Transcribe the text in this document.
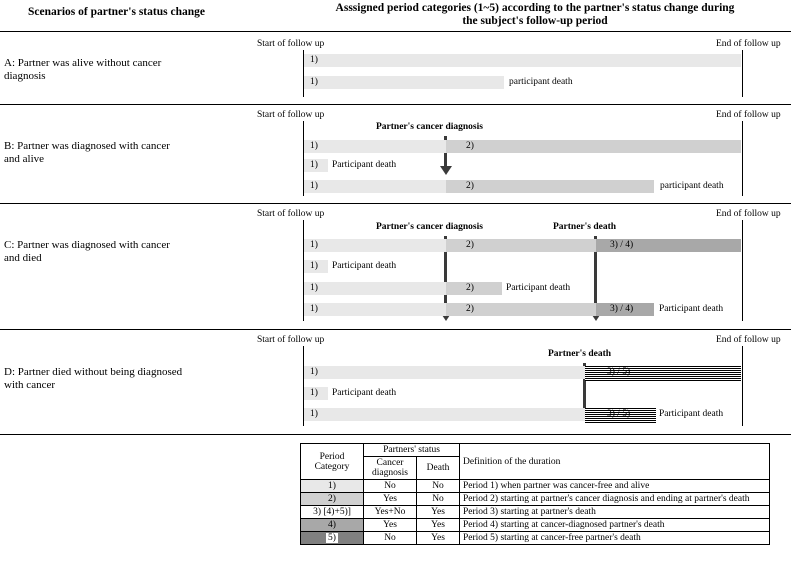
Scenarios of partner's status change	Asssigned period categories (1~5) according to the partner's status change during
the subject's follow-up period
A: Partner was alive without cancer
diagnosis
Start of follow up	End of follow up
1)
1)	participant death
B: Partner was diagnosed with cancer
and alive
Start of follow up	End of follow up
Partner's cancer diagnosis
1)	2)
1) Participant death
1)	2)	participant death
C: Partner was diagnosed with cancer
and died
Start of follow up	End of follow up
Partner's cancer diagnosis	Partner's death
1)	2)	3) / 4)
1) Participant death
1)	2)	Participant death
1)	2)	3) / 4)	Participant death
D: Partner died without being diagnosed
with cancer
Start of follow up	End of follow up
Partner's death
1)	3) / 5)
1) Participant death
1)	3) / 5)	Participant death
Period
Category	Partners' status		Definition of the duration
	Cancer
diagnosis	Death	
1)	No	No	Period 1) when partner was cancer-free and alive
2)	Yes	No	Period 2) starting at partner's cancer diagnosis and ending at partner's death
3) [4)+5)]	Yes+No	Yes	Period 3) starting at partner's death
4)	Yes	Yes	Period 4) starting at cancer-diagnosed partner's death
5)	No	Yes	Period 5) starting at cancer-free partner's death
